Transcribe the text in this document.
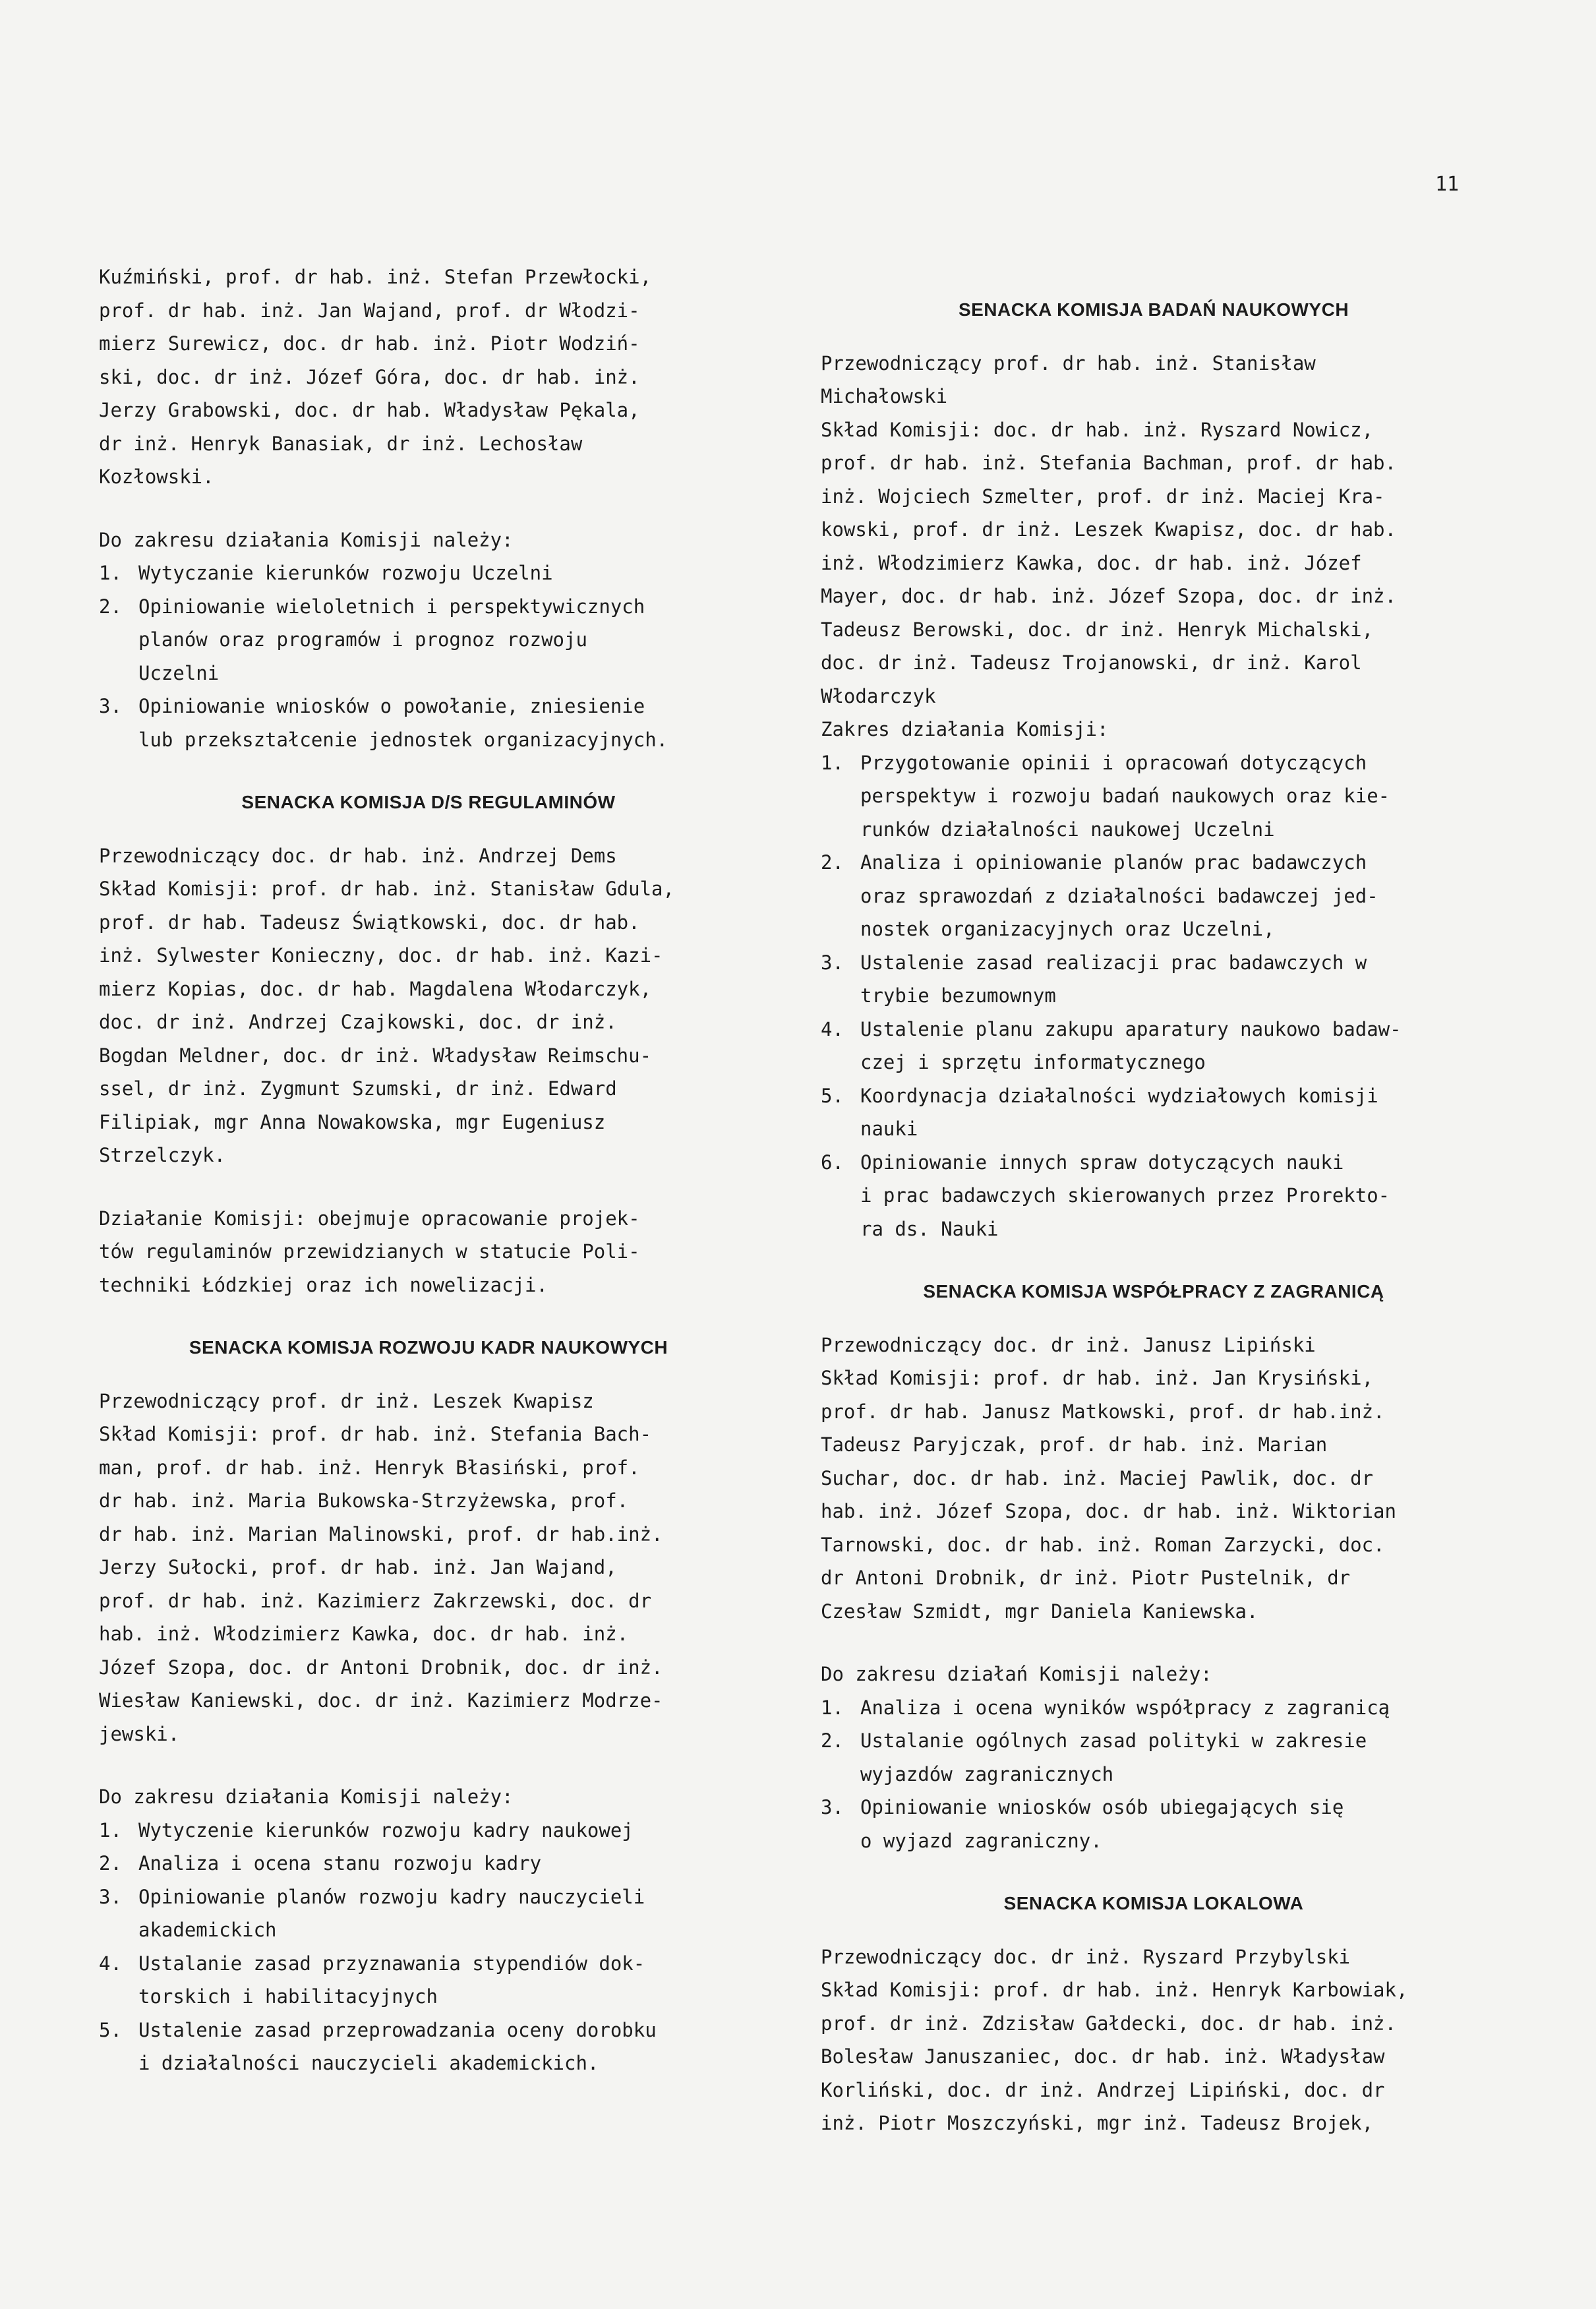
11
Kuźmiński, prof. dr hab. inż. Stefan Przewłocki,
prof. dr hab. inż. Jan Wajand, prof. dr Włodzi-
mierz Surewicz, doc. dr hab. inż. Piotr Wodziń-
ski, doc. dr inż. Józef Góra, doc. dr hab. inż.
Jerzy Grabowski, doc. dr hab. Władysław Pękala,
dr inż. Henryk Banasiak, dr inż. Lechosław
Kozłowski.
Do zakresu działania Komisji należy:
1. Wytyczanie kierunków rozwoju Uczelni
2. Opiniowanie wieloletnich i perspektywicznych
planów oraz programów i prognoz rozwoju
Uczelni
3. Opiniowanie wniosków o powołanie, zniesienie
lub przekształcenie jednostek organizacyjnych.
SENACKA KOMISJA D/S REGULAMINÓW
Przewodniczący doc. dr hab. inż. Andrzej Dems
Skład Komisji: prof. dr hab. inż. Stanisław Gdula,
prof. dr hab. Tadeusz Świątkowski, doc. dr hab.
inż. Sylwester Konieczny, doc. dr hab. inż. Kazi-
mierz Kopias, doc. dr hab. Magdalena Włodarczyk,
doc. dr inż. Andrzej Czajkowski, doc. dr inż.
Bogdan Meldner, doc. dr inż. Władysław Reimschu-
ssel, dr inż. Zygmunt Szumski, dr inż. Edward
Filipiak, mgr Anna Nowakowska, mgr Eugeniusz
Strzelczyk.
Działanie Komisji: obejmuje opracowanie projek-
tów regulaminów przewidzianych w statucie Poli-
techniki Łódzkiej oraz ich nowelizacji.
SENACKA KOMISJA ROZWOJU KADR NAUKOWYCH
Przewodniczący prof. dr inż. Leszek Kwapisz
Skład Komisji: prof. dr hab. inż. Stefania Bach-
man, prof. dr hab. inż. Henryk Błasiński, prof.
dr hab. inż. Maria Bukowska-Strzyżewska, prof.
dr hab. inż. Marian Malinowski, prof. dr hab.inż.
Jerzy Sułocki, prof. dr hab. inż. Jan Wajand,
prof. dr hab. inż. Kazimierz Zakrzewski, doc. dr
hab. inż. Włodzimierz Kawka, doc. dr hab. inż.
Józef Szopa, doc. dr Antoni Drobnik, doc. dr inż.
Wiesław Kaniewski, doc. dr inż. Kazimierz Modrze-
jewski.
Do zakresu działania Komisji należy:
1. Wytyczenie kierunków rozwoju kadry naukowej
2. Analiza i ocena stanu rozwoju kadry
3. Opiniowanie planów rozwoju kadry nauczycieli
akademickich
4. Ustalanie zasad przyznawania stypendiów dok-
torskich i habilitacyjnych
5. Ustalenie zasad przeprowadzania oceny dorobku
i działalności nauczycieli akademickich.
SENACKA KOMISJA BADAŃ NAUKOWYCH
Przewodniczący prof. dr hab. inż. Stanisław
Michałowski
Skład Komisji: doc. dr hab. inż. Ryszard Nowicz,
prof. dr hab. inż. Stefania Bachman, prof. dr hab.
inż. Wojciech Szmelter, prof. dr inż. Maciej Kra-
kowski, prof. dr inż. Leszek Kwapisz, doc. dr hab.
inż. Włodzimierz Kawka, doc. dr hab. inż. Józef
Mayer, doc. dr hab. inż. Józef Szopa, doc. dr inż.
Tadeusz Berowski, doc. dr inż. Henryk Michalski,
doc. dr inż. Tadeusz Trojanowski, dr inż. Karol
Włodarczyk
Zakres działania Komisji:
1. Przygotowanie opinii i opracowań dotyczących
perspektyw i rozwoju badań naukowych oraz kie-
runków działalności naukowej Uczelni
2. Analiza i opiniowanie planów prac badawczych
oraz sprawozdań z działalności badawczej jed-
nostek organizacyjnych oraz Uczelni,
3. Ustalenie zasad realizacji prac badawczych w
trybie bezumownym
4. Ustalenie planu zakupu aparatury naukowo badaw-
czej i sprzętu informatycznego
5. Koordynacja działalności wydziałowych komisji
nauki
6. Opiniowanie innych spraw dotyczących nauki
i prac badawczych skierowanych przez Prorekto-
ra ds. Nauki
SENACKA KOMISJA WSPÓŁPRACY Z ZAGRANICĄ
Przewodniczący doc. dr inż. Janusz Lipiński
Skład Komisji: prof. dr hab. inż. Jan Krysiński,
prof. dr hab. Janusz Matkowski, prof. dr hab.inż.
Tadeusz Paryjczak, prof. dr hab. inż. Marian
Suchar, doc. dr hab. inż. Maciej Pawlik, doc. dr
hab. inż. Józef Szopa, doc. dr hab. inż. Wiktorian
Tarnowski, doc. dr hab. inż. Roman Zarzycki, doc.
dr Antoni Drobnik, dr inż. Piotr Pustelnik, dr
Czesław Szmidt, mgr Daniela Kaniewska.
Do zakresu działań Komisji należy:
1. Analiza i ocena wyników współpracy z zagranicą
2. Ustalanie ogólnych zasad polityki w zakresie
wyjazdów zagranicznych
3. Opiniowanie wniosków osób ubiegających się
o wyjazd zagraniczny.
SENACKA KOMISJA LOKALOWA
Przewodniczący doc. dr inż. Ryszard Przybylski
Skład Komisji: prof. dr hab. inż. Henryk Karbowiak,
prof. dr inż. Zdzisław Gałdecki, doc. dr hab. inż.
Bolesław Januszaniec, doc. dr hab. inż. Władysław
Korliński, doc. dr inż. Andrzej Lipiński, doc. dr
inż. Piotr Moszczyński, mgr inż. Tadeusz Brojek,
